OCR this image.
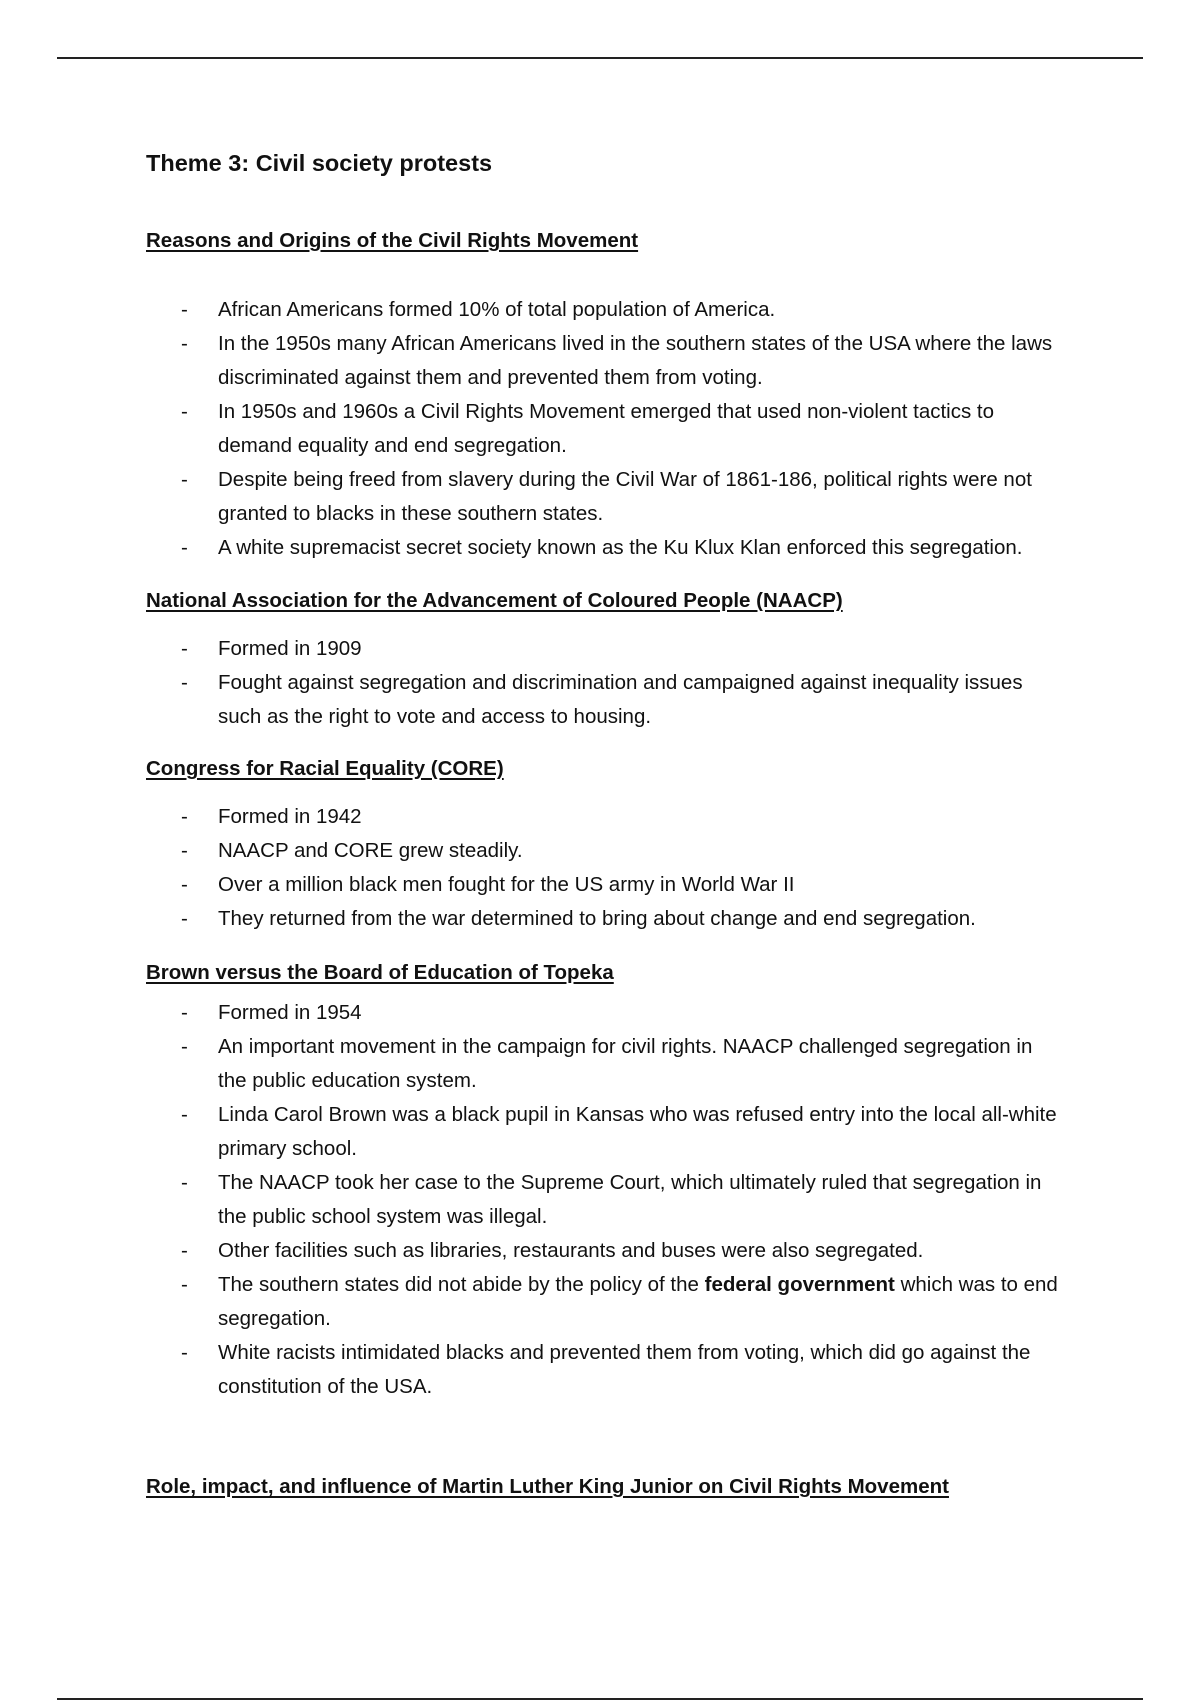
Theme 3: Civil society protests
Reasons and Origins of the Civil Rights Movement
- African Americans formed 10% of total population of America.
- In the 1950s many African Americans lived in the southern states of the USA where the laws discriminated against them and prevented them from voting.
- In 1950s and 1960s a Civil Rights Movement emerged that used non-violent tactics to demand equality and end segregation.
- Despite being freed from slavery during the Civil War of 1861-186, political rights were not granted to blacks in these southern states.
- A white supremacist secret society known as the Ku Klux Klan enforced this segregation.
National Association for the Advancement of Coloured People (NAACP)
- Formed in 1909
- Fought against segregation and discrimination and campaigned against inequality issues such as the right to vote and access to housing.
Congress for Racial Equality (CORE)
- Formed in 1942
- NAACP and CORE grew steadily.
- Over a million black men fought for the US army in World War II
- They returned from the war determined to bring about change and end segregation.
Brown versus the Board of Education of Topeka
- Formed in 1954
- An important movement in the campaign for civil rights. NAACP challenged segregation in the public education system.
- Linda Carol Brown was a black pupil in Kansas who was refused entry into the local all-white primary school.
- The NAACP took her case to the Supreme Court, which ultimately ruled that segregation in the public school system was illegal.
- Other facilities such as libraries, restaurants and buses were also segregated.
- The southern states did not abide by the policy of the federal government which was to end segregation.
- White racists intimidated blacks and prevented them from voting, which did go against the constitution of the USA.
Role, impact, and influence of Martin Luther King Junior on Civil Rights Movement
